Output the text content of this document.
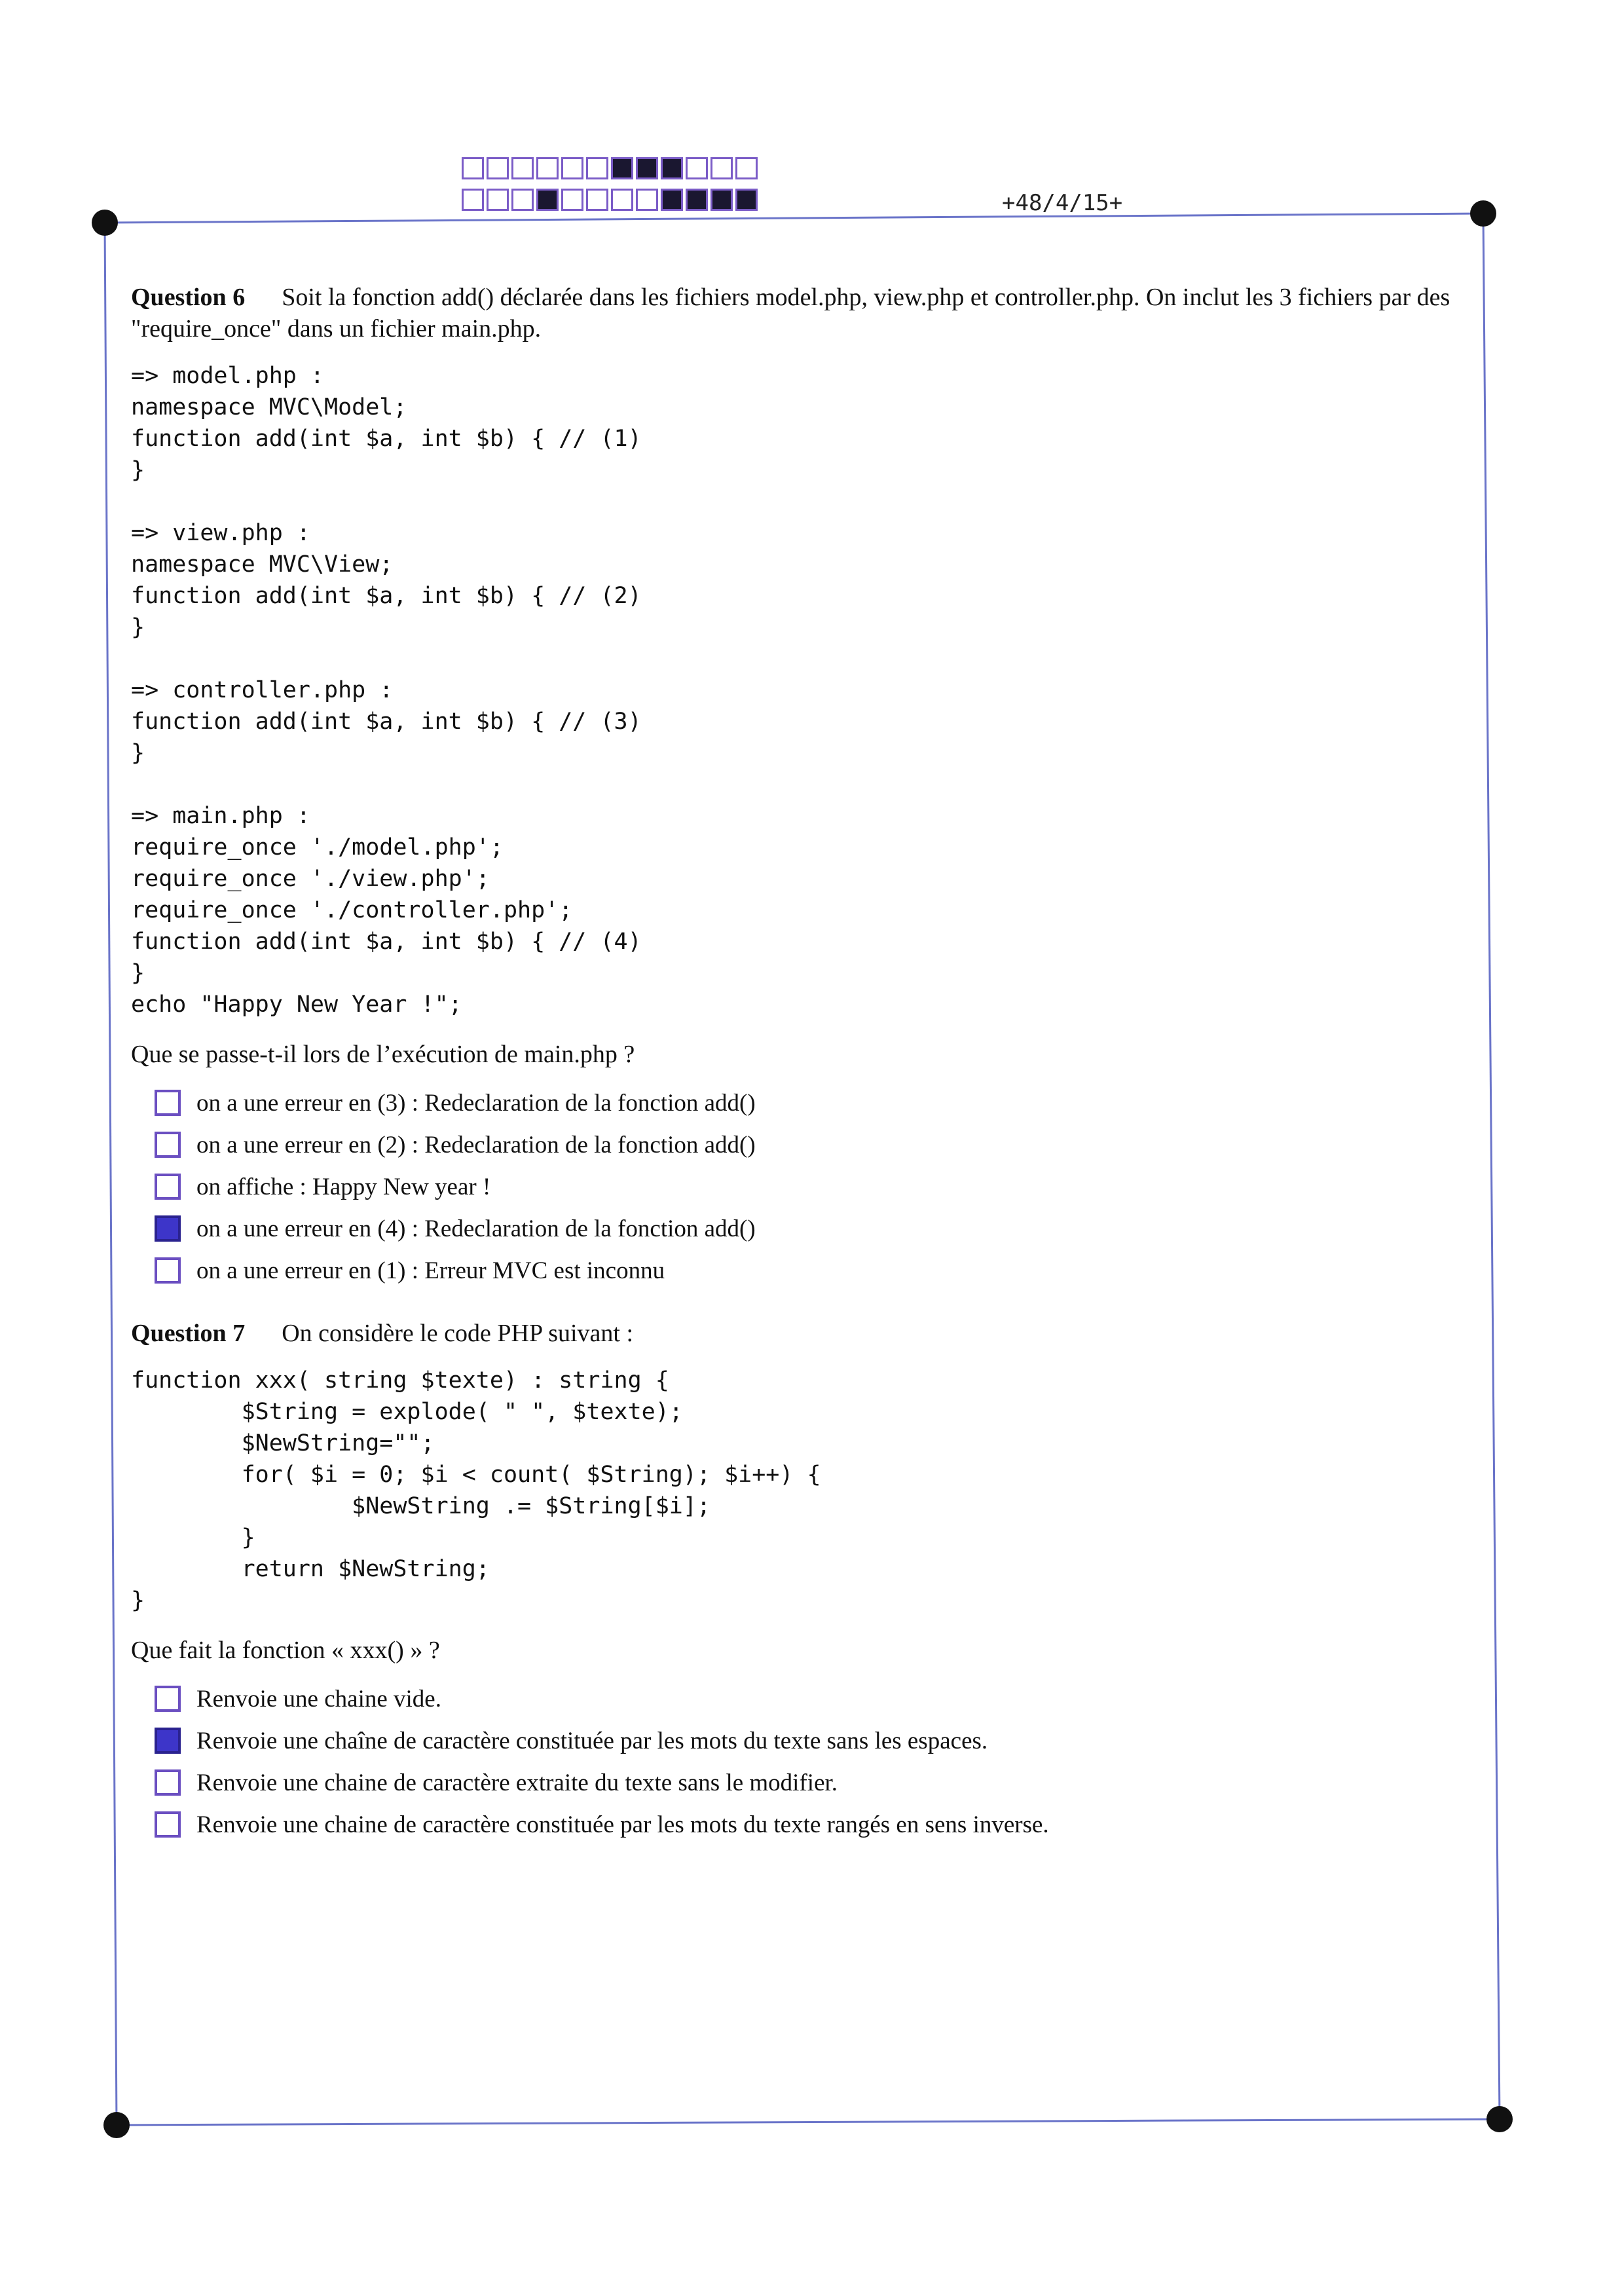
+48/4/15+

Question 6 Soit la fonction add() déclarée dans les fichiers model.php, view.php et controller.php. On inclut les 3 fichiers par des "require_once" dans un fichier main.php.

=> model.php :
namespace MVC\Model;
function add(int $a, int $b) { // (1)
}

=> view.php :
namespace MVC\View;
function add(int $a, int $b) { // (2)
}

=> controller.php :
function add(int $a, int $b) { // (3)
}

=> main.php :
require_once './model.php';
require_once './view.php';
require_once './controller.php';
function add(int $a, int $b) { // (4)
}
echo "Happy New Year !";

Que se passe-t-il lors de l’exécution de main.php ?

on a une erreur en (3) : Redeclaration de la fonction add()
on a une erreur en (2) : Redeclaration de la fonction add()
on affiche : Happy New year !
on a une erreur en (4) : Redeclaration de la fonction add()
on a une erreur en (1) : Erreur MVC est inconnu

Question 7 On considère le code PHP suivant :

function xxx( string $texte) : string {
$String = explode( " ", $texte);
$NewString="";
for( $i = 0; $i < count( $String); $i++) {
$NewString .= $String[$i];
}
return $NewString;
}

Que fait la fonction « xxx() » ?

Renvoie une chaine vide.
Renvoie une chaîne de caractère constituée par les mots du texte sans les espaces.
Renvoie une chaine de caractère extraite du texte sans le modifier.
Renvoie une chaine de caractère constituée par les mots du texte rangés en sens inverse.
